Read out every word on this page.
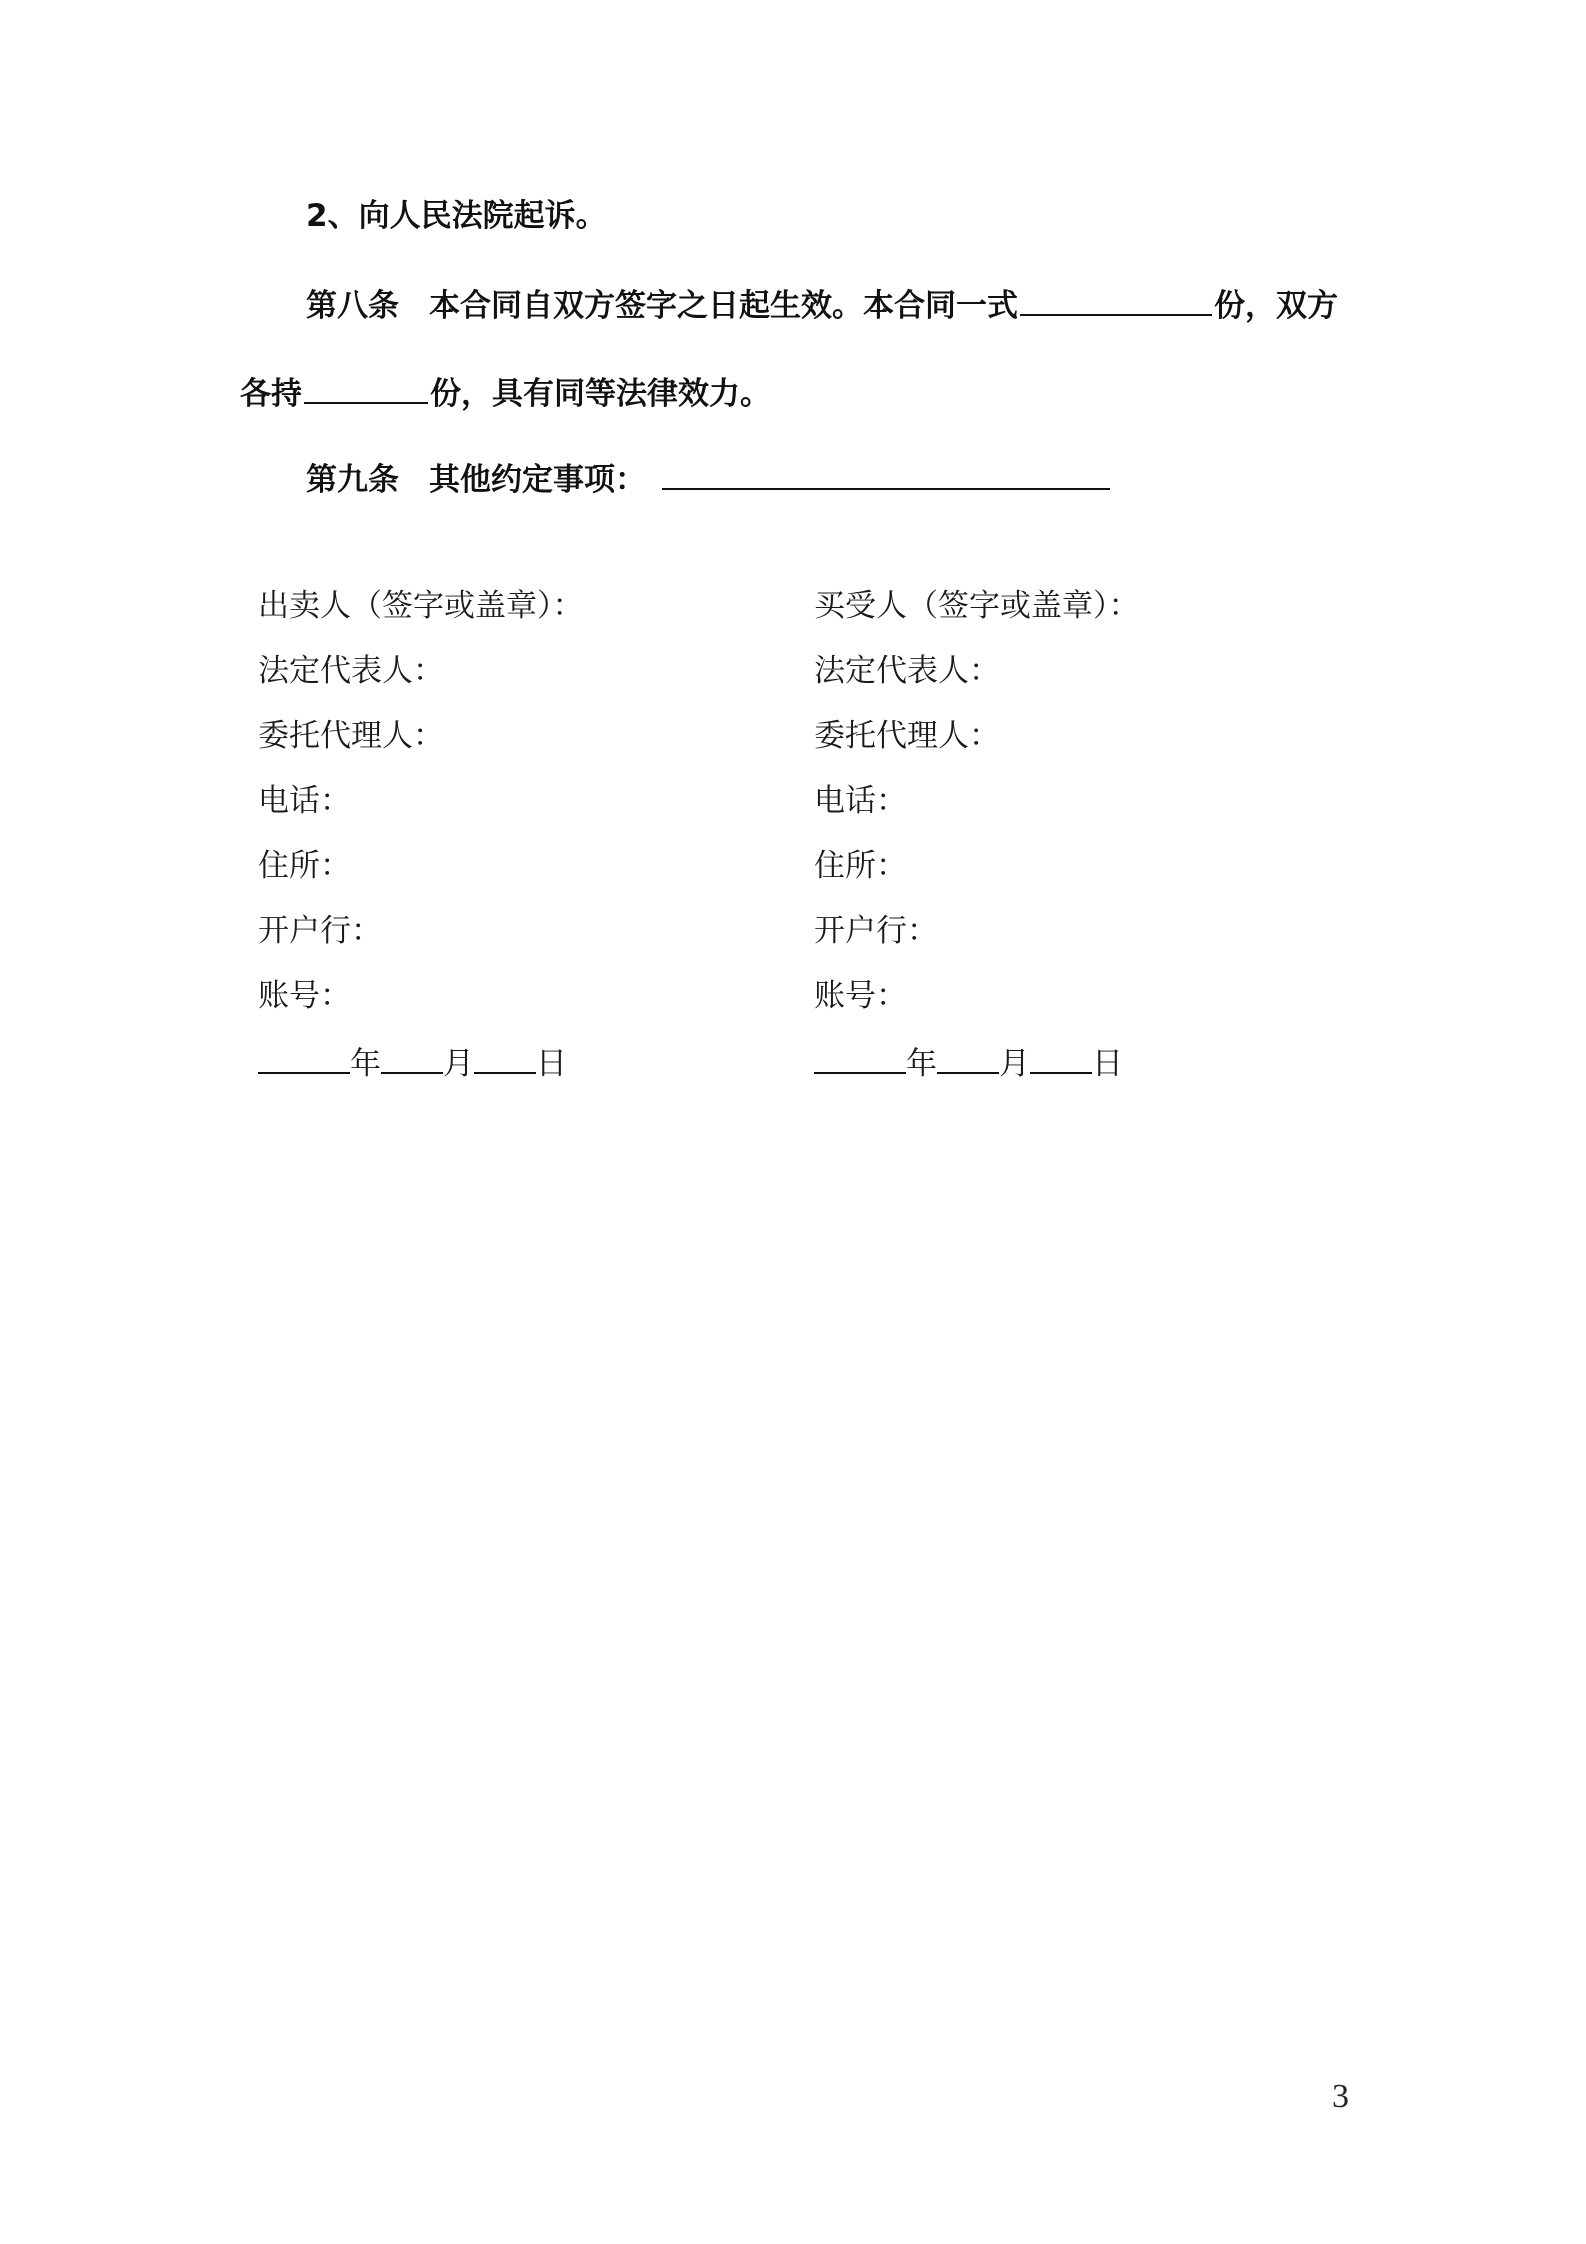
2、向人民法院起诉。
第八条 本合同自双方签字之日起生效。本合同一式	份，双方
各持	份，具有同等法律效力。
第九条 其他约定事项：
出卖人（签字或盖章）：
法定代表人：
委托代理人：
电话：
住所：
开户行：
账号：
年 月 日
买受人（签字或盖章）：
法定代表人：
委托代理人：
电话：
住所：
开户行：
账号：
年 月 日
3
